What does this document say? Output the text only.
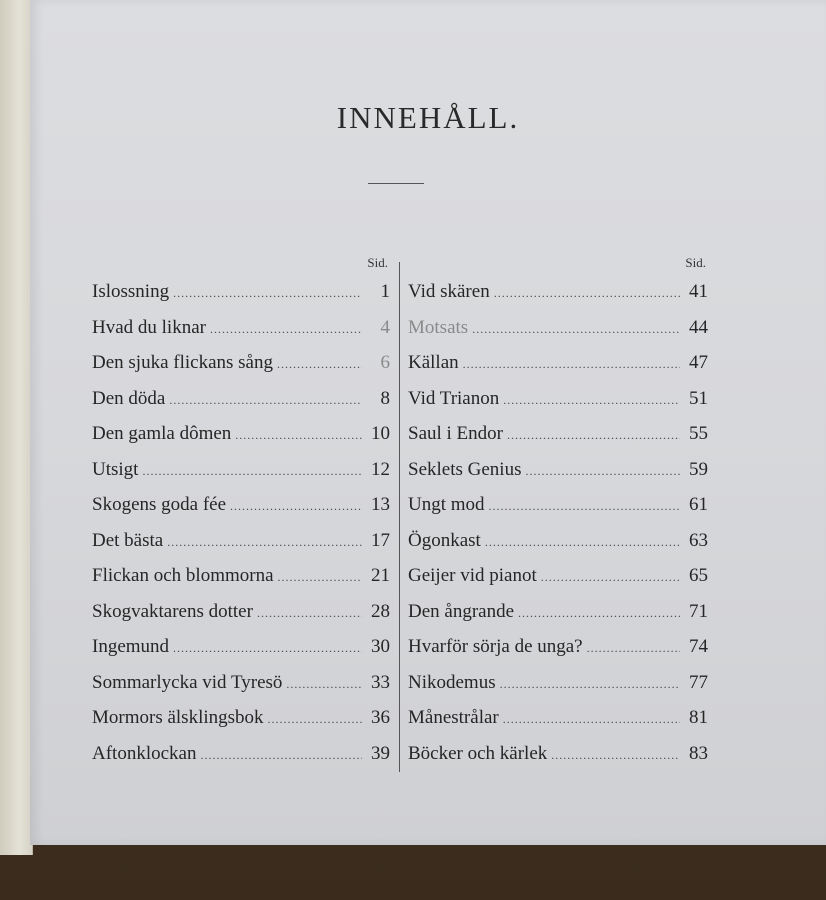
INNEHÅLL.
Sid.
Islossning .....	1
Hvad du liknar .....	4
Den sjuka flickans sång .....	6
Den döda .....	8
Den gamla dômen .....	10
Utsigt .....	12
Skogens goda fée .....	13
Det bästa .....	17
Flickan och blommorna .....	21
Skogvaktarens dotter .....	28
Ingemund .....	30
Sommarlycka vid Tyresö .....	33
Mormors älsklingsbok .....	36
Aftonklockan .....	39
Sid.
Vid skären .....	41
Motsats .....	44
Källan .....	47
Vid Trianon .....	51
Saul i Endor .....	55
Seklets Genius .....	59
Ungt mod .....	61
Ögonkast .....	63
Geijer vid pianot .....	65
Den ångrande .....	71
Hvarför sörja de unga? .....	74
Nikodemus .....	77
Månestrålar .....	81
Böcker och kärlek .....	83
